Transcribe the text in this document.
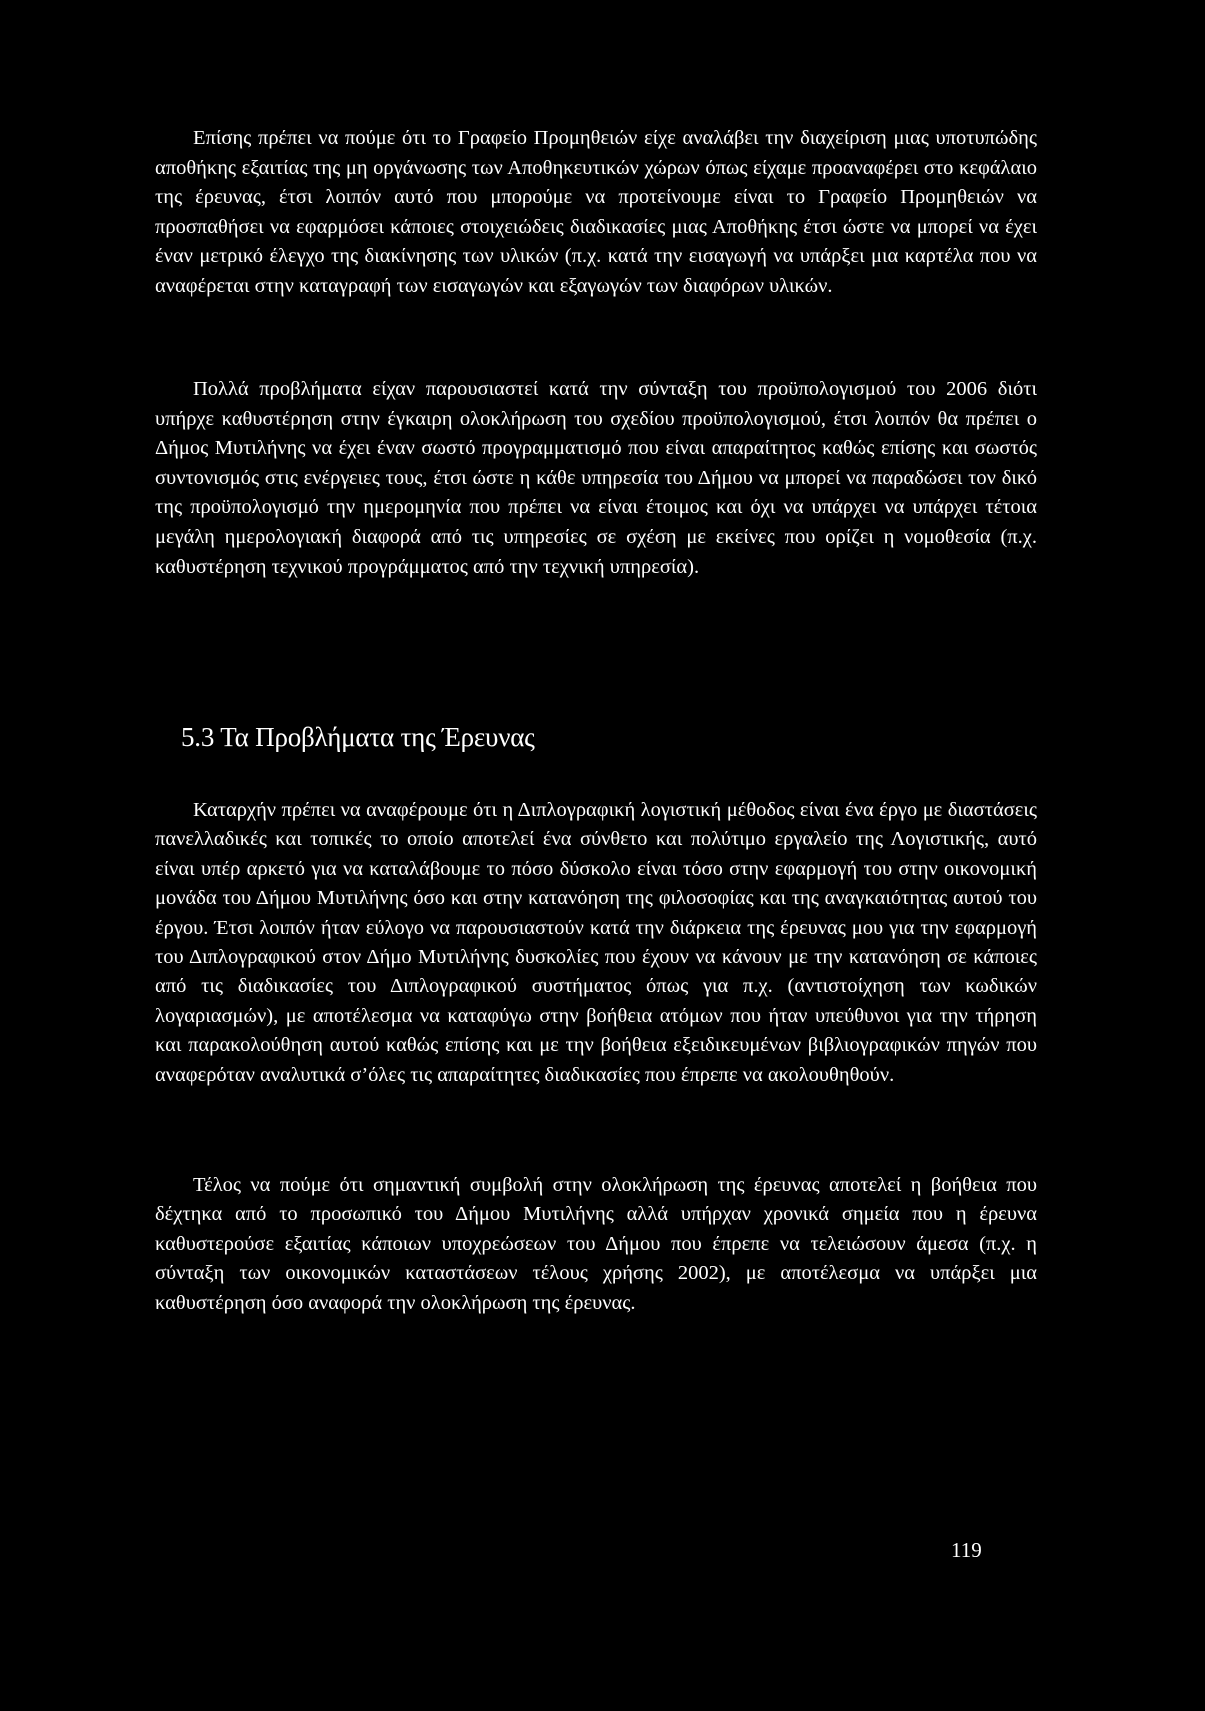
Επίσης πρέπει να πούμε ότι το Γραφείο Προμηθειών είχε αναλάβει την διαχείριση μιας υποτυπώδης αποθήκης εξαιτίας της μη οργάνωσης των Αποθηκευτικών χώρων όπως είχαμε προαναφέρει στο κεφάλαιο της έρευνας, έτσι λοιπόν αυτό που μπορούμε να προτείνουμε είναι το Γραφείο Προμηθειών να προσπαθήσει να εφαρμόσει κάποιες στοιχειώδεις διαδικασίες μιας Αποθήκης έτσι ώστε να μπορεί να έχει έναν μετρικό έλεγχο της διακίνησης των υλικών (π.χ. κατά την εισαγωγή να υπάρξει μια καρτέλα που να αναφέρεται στην καταγραφή των εισαγωγών και εξαγωγών των διαφόρων υλικών.

Πολλά προβλήματα είχαν παρουσιαστεί κατά την σύνταξη του προϋπολογισμού του 2006 διότι υπήρχε καθυστέρηση στην έγκαιρη ολοκλήρωση του σχεδίου προϋπολογισμού, έτσι λοιπόν θα πρέπει ο Δήμος Μυτιλήνης να έχει έναν σωστό προγραμματισμό που είναι απαραίτητος καθώς επίσης και σωστός συντονισμός στις ενέργειες τους, έτσι ώστε η κάθε υπηρεσία του Δήμου να μπορεί να παραδώσει τον δικό της προϋπολογισμό την ημερομηνία που πρέπει να είναι έτοιμος και όχι να υπάρχει να υπάρχει τέτοια μεγάλη ημερολογιακή διαφορά από τις υπηρεσίες σε σχέση με εκείνες που ορίζει η νομοθεσία (π.χ. καθυστέρηση τεχνικού προγράμματος από την τεχνική υπηρεσία).

5.3 Τα Προβλήματα της Έρευνας

Καταρχήν πρέπει να αναφέρουμε ότι η Διπλογραφική λογιστική μέθοδος είναι ένα έργο με διαστάσεις πανελλαδικές και τοπικές το οποίο αποτελεί ένα σύνθετο και πολύτιμο εργαλείο της Λογιστικής, αυτό είναι υπέρ αρκετό για να καταλάβουμε το πόσο δύσκολο είναι τόσο στην εφαρμογή του στην οικονομική μονάδα του Δήμου Μυτιλήνης όσο και στην κατανόηση της φιλοσοφίας και της αναγκαιότητας αυτού του έργου. Έτσι λοιπόν ήταν εύλογο να παρουσιαστούν κατά την διάρκεια της έρευνας μου για την εφαρμογή του Διπλογραφικού στον Δήμο Μυτιλήνης δυσκολίες που έχουν να κάνουν με την κατανόηση σε κάποιες από τις διαδικασίες του Διπλογραφικού συστήματος όπως για π.χ. (αντιστοίχηση των κωδικών λογαριασμών), με αποτέλεσμα να καταφύγω στην βοήθεια ατόμων που ήταν υπεύθυνοι για την τήρηση και παρακολούθηση αυτού καθώς επίσης και με την βοήθεια εξειδικευμένων βιβλιογραφικών πηγών που αναφερόταν αναλυτικά σ’όλες τις απαραίτητες διαδικασίες που έπρεπε να ακολουθηθούν.

Τέλος να πούμε ότι σημαντική συμβολή στην ολοκλήρωση της έρευνας αποτελεί η βοήθεια που δέχτηκα από το προσωπικό του Δήμου Μυτιλήνης αλλά υπήρχαν χρονικά σημεία που η έρευνα καθυστερούσε εξαιτίας κάποιων υποχρεώσεων του Δήμου που έπρεπε να τελειώσουν άμεσα (π.χ. η σύνταξη των οικονομικών καταστάσεων τέλους χρήσης 2002), με αποτέλεσμα να υπάρξει μια καθυστέρηση όσο αναφορά την ολοκλήρωση της έρευνας.

119
